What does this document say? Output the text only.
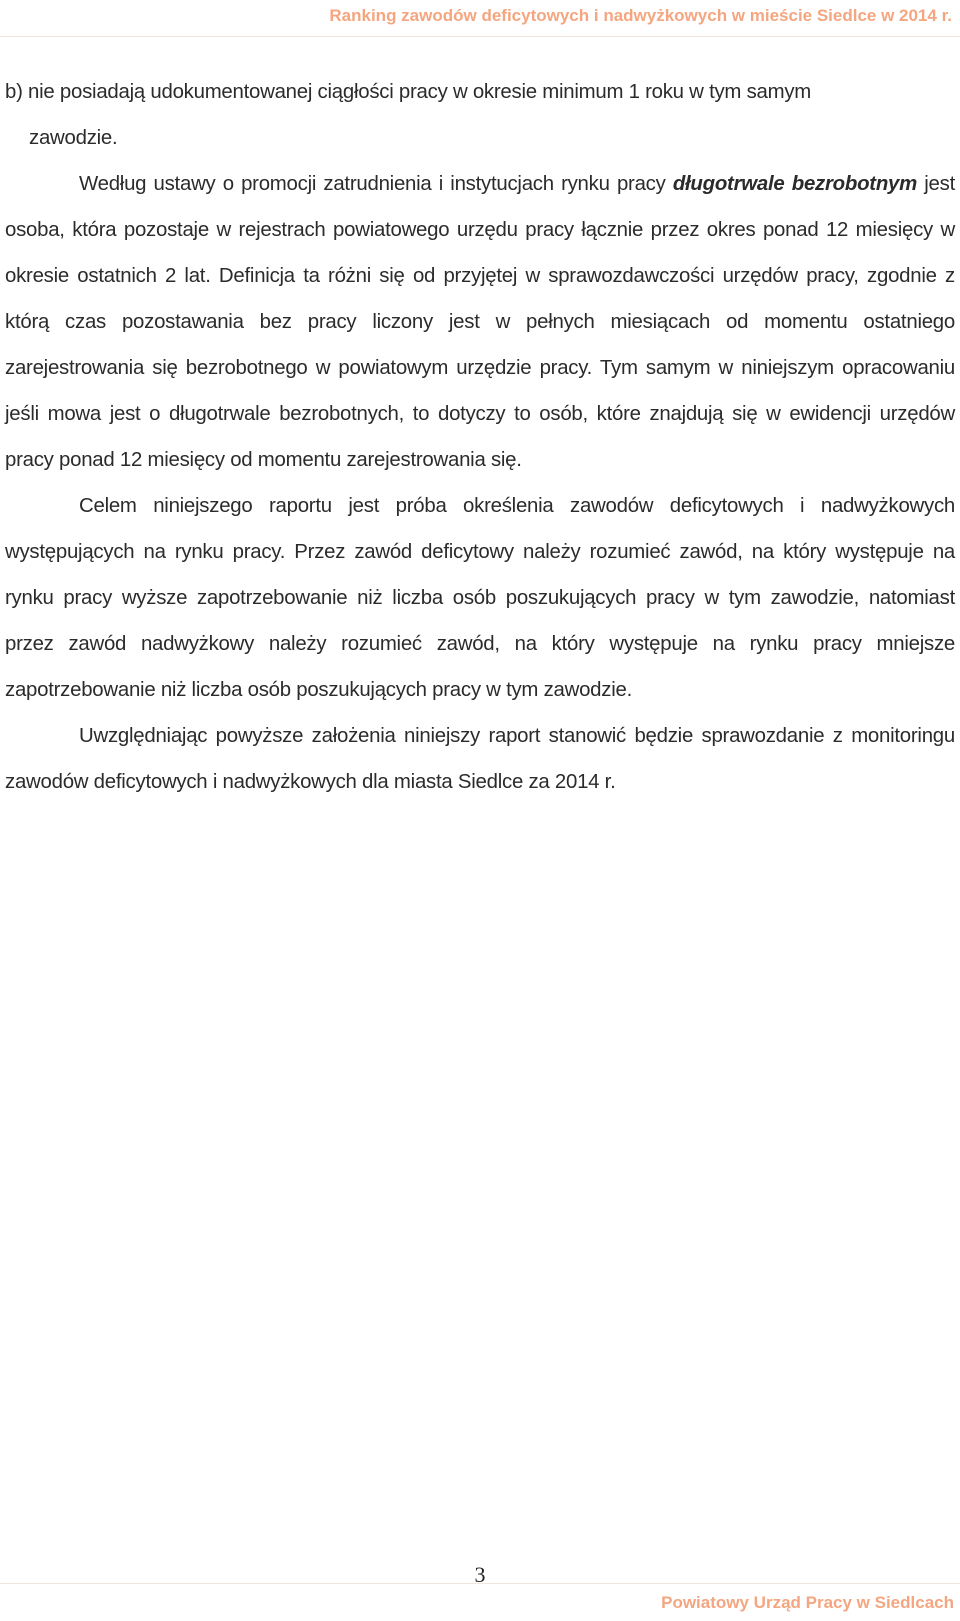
Ranking zawodów deficytowych i nadwyżkowych w mieście Siedlce w 2014 r.

b) nie posiadają udokumentowanej ciągłości pracy w okresie minimum 1 roku w tym samym

zawodzie.

Według ustawy o promocji zatrudnienia i instytucjach rynku pracy długotrwale bezrobotnym jest osoba, która pozostaje w rejestrach powiatowego urzędu pracy łącznie przez okres ponad 12 miesięcy w okresie ostatnich 2 lat. Definicja ta różni się od przyjętej w sprawozdawczości urzędów pracy, zgodnie z którą czas pozostawania bez pracy liczony jest w pełnych miesiącach od momentu ostatniego zarejestrowania się bezrobotnego w powiatowym urzędzie pracy. Tym samym w niniejszym opracowaniu jeśli mowa jest o długotrwale bezrobotnych, to dotyczy to osób, które znajdują się w ewidencji urzędów pracy ponad 12 miesięcy od momentu zarejestrowania się.

Celem niniejszego raportu jest próba określenia zawodów deficytowych i nadwyżkowych występujących na rynku pracy. Przez zawód deficytowy należy rozumieć zawód, na który występuje na rynku pracy wyższe zapotrzebowanie niż liczba osób poszukujących pracy w tym zawodzie, natomiast przez zawód nadwyżkowy należy rozumieć zawód, na który występuje na rynku pracy mniejsze zapotrzebowanie niż liczba osób poszukujących pracy w tym zawodzie.

Uwzględniając powyższe założenia niniejszy raport stanowić będzie sprawozdanie z monitoringu zawodów deficytowych i nadwyżkowych dla miasta Siedlce za 2014 r.

3
Powiatowy Urząd Pracy w Siedlcach
